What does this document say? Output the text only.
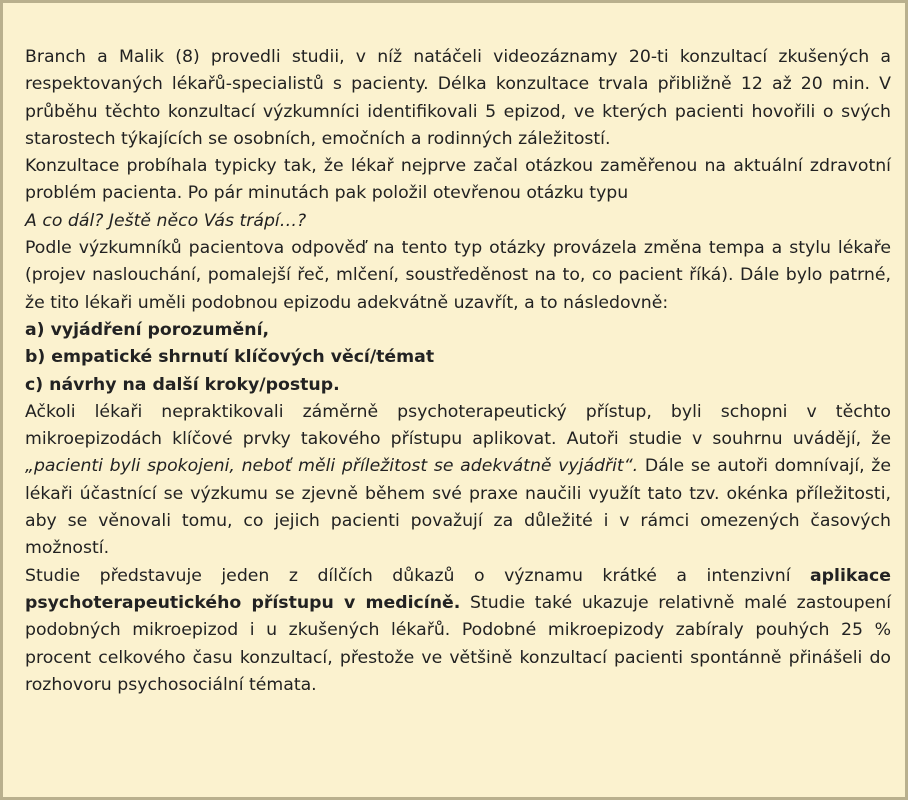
Branch a Malik (8) provedli studii, v níž natáčeli videozáznamy 20-ti konzultací zkušených a respektovaných lékařů-specialistů s pacienty. Délka konzultace trvala přibližně 12 až 20 min. V průběhu těchto konzultací výzkumníci identifikovali 5 epizod, ve kterých pacienti hovořili o svých starostech týkajících se osobních, emočních a rodinných záležitostí.

Konzultace probíhala typicky tak, že lékař nejprve začal otázkou zaměřenou na aktuální zdravotní problém pacienta. Po pár minutách pak položil otevřenou otázku typu

A co dál? Ještě něco Vás trápí…?

Podle výzkumníků pacientova odpověď na tento typ otázky provázela změna tempa a stylu lékaře (projev naslouchání, pomalejší řeč, mlčení, soustředěnost na to, co pacient říká). Dále bylo patrné, že tito lékaři uměli podobnou epizodu adekvátně uzavřít, a to následovně:

a) vyjádření porozumění,

b) empatické shrnutí klíčových věcí/témat

c) návrhy na další kroky/postup.

Ačkoli lékaři nepraktikovali záměrně psychoterapeutický přístup, byli schopni v těchto mikroepizodách klíčové prvky takového přístupu aplikovat. Autoři studie v souhrnu uvádějí, že „pacienti byli spokojeni, neboť měli příležitost se adekvátně vyjádřit“. Dále se autoři domnívají, že lékaři účastnící se výzkumu se zjevně během své praxe naučili využít tato tzv. okénka příležitosti, aby se věnovali tomu, co jejich pacienti považují za důležité i v rámci omezených časových možností.

Studie představuje jeden z dílčích důkazů o významu krátké a intenzivní aplikace psychoterapeutického přístupu v medicíně. Studie také ukazuje relativně malé zastoupení podobných mikroepizod i u zkušených lékařů. Podobné mikroepizody zabíraly pouhých 25 % procent celkového času konzultací, přestože ve většině konzultací pacienti spontánně přinášeli do rozhovoru psychosociální témata.
